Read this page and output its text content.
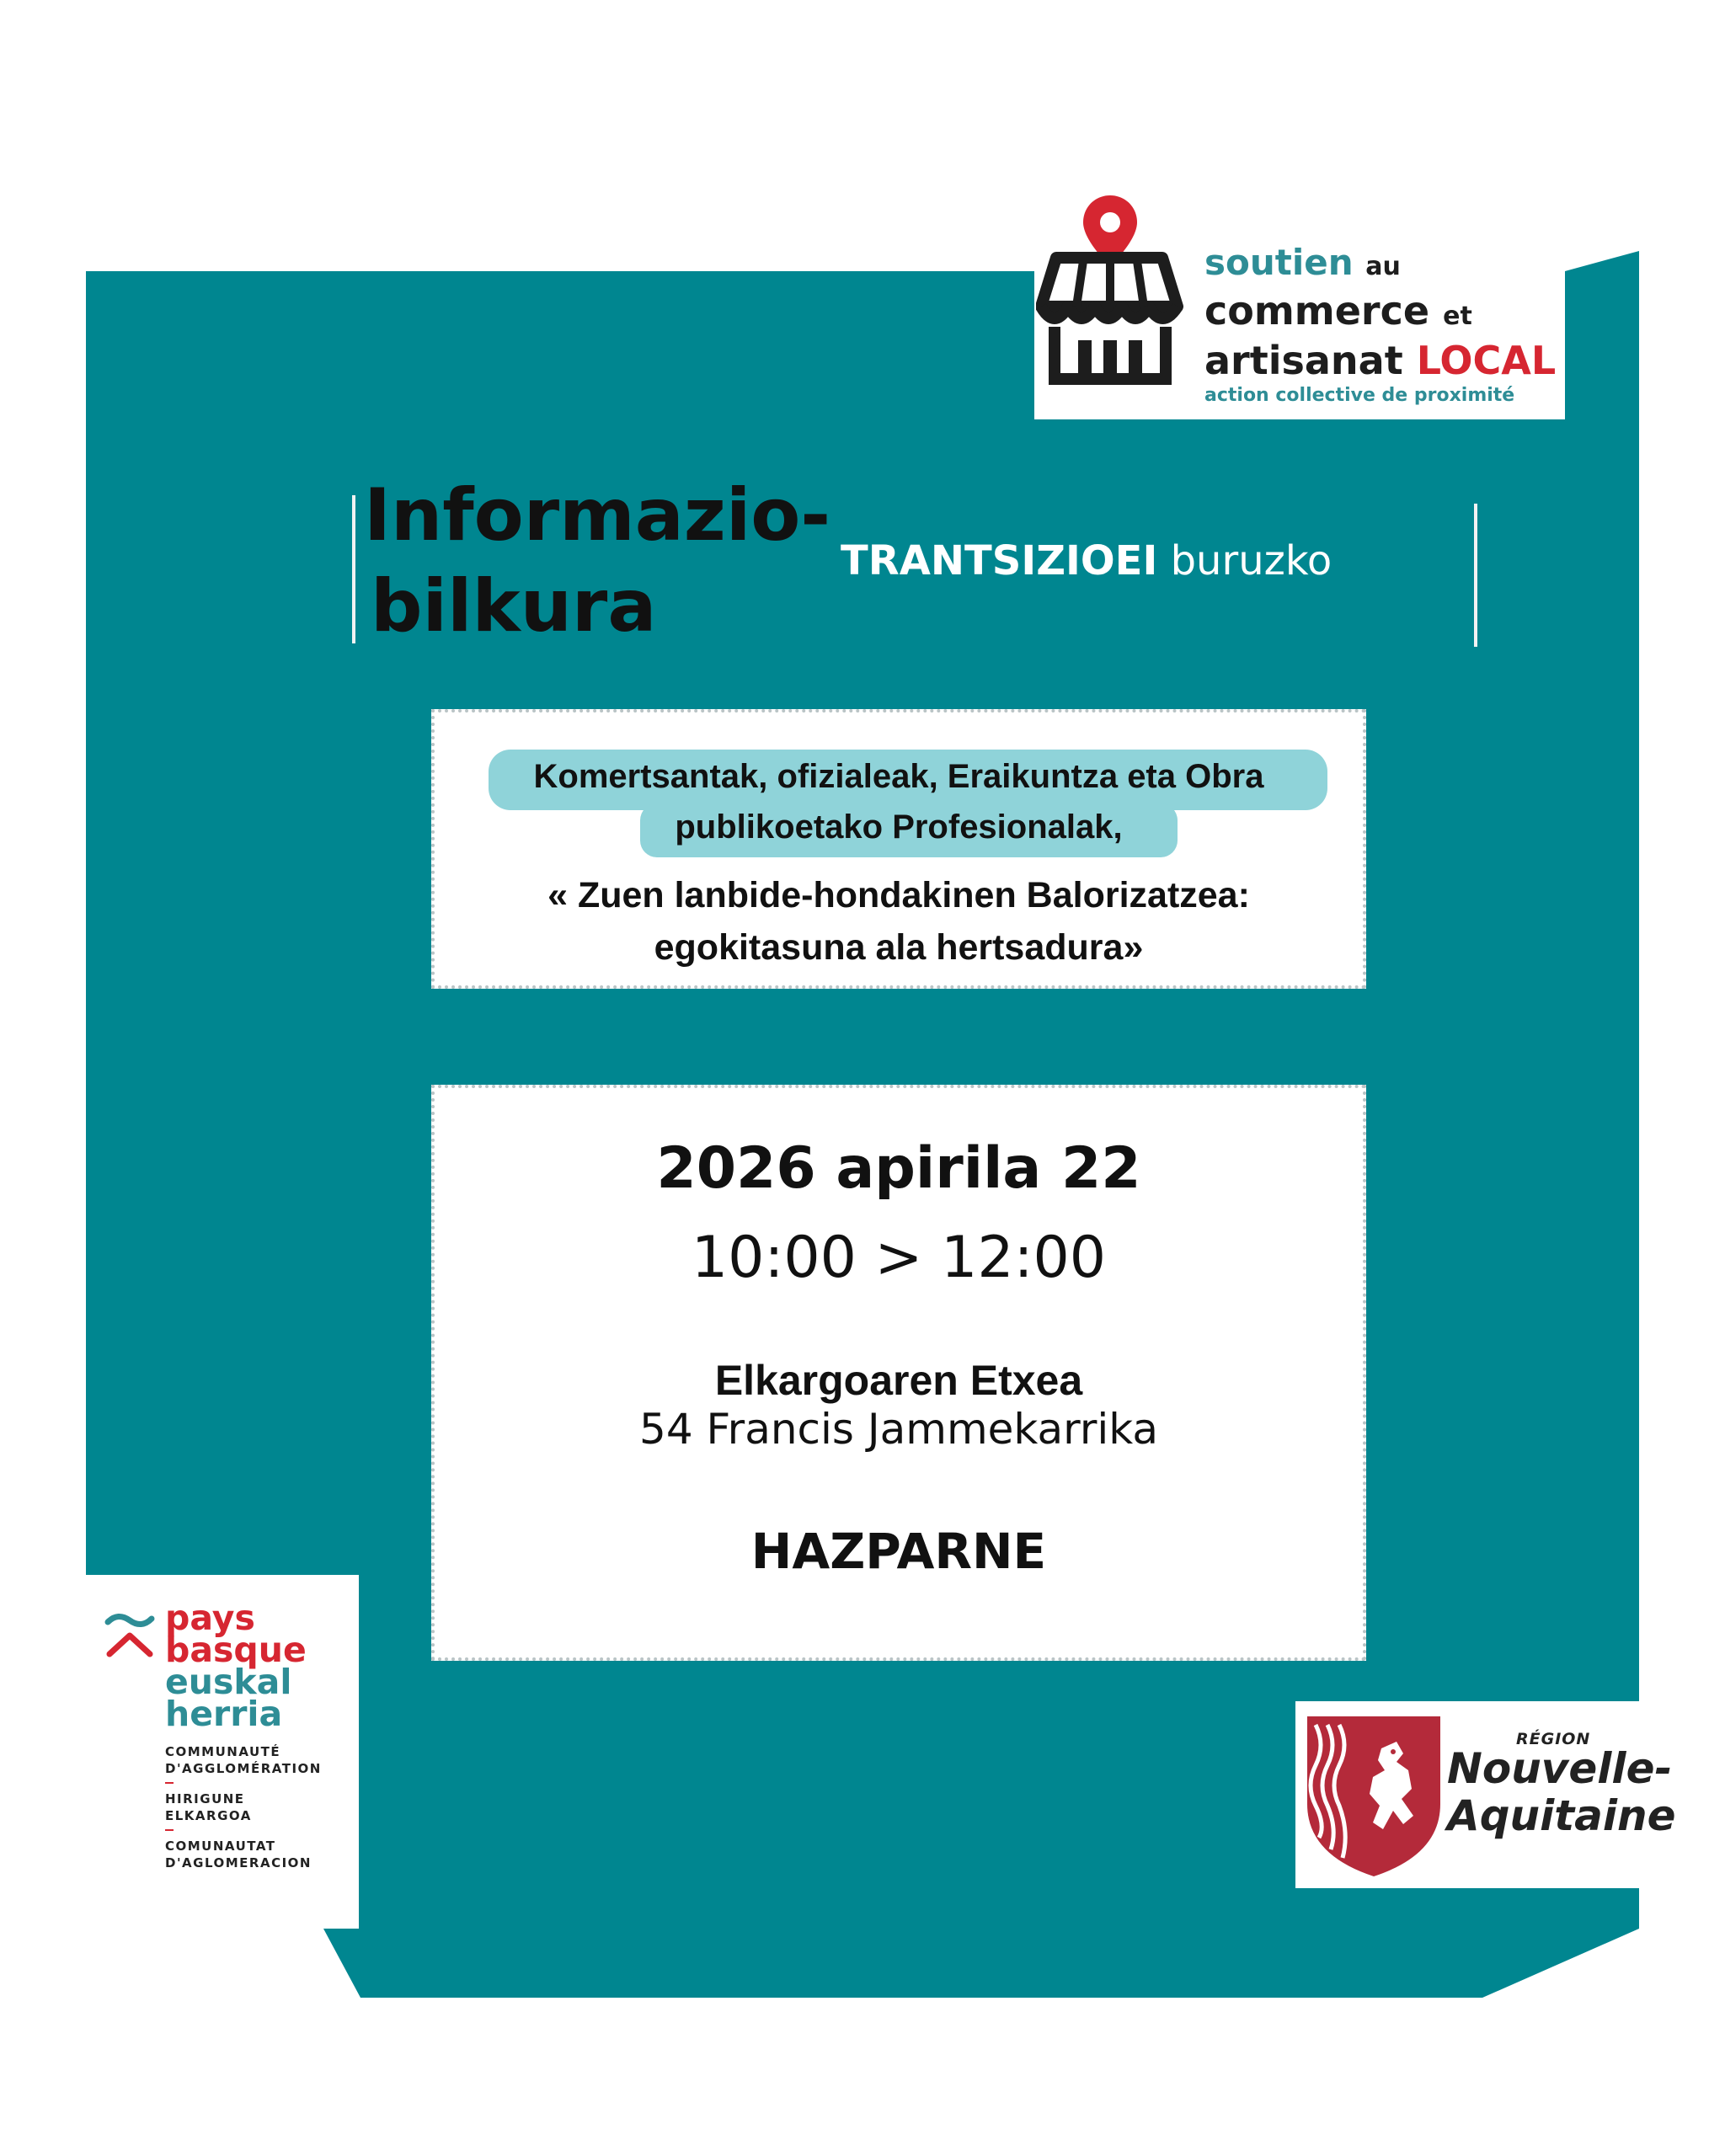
soutien au
commerce et
artisanat LOCAL
action collective de proximité
Informazio-
bilkura
TRANTSIZIOEI buruzko
Komertsantak, ofizialeak, Eraikuntza eta Obra
publikoetako Profesionalak,
« Zuen lanbide-hondakinen Balorizatzea:
egokitasuna ala hertsadura»
2026 apirila 22
10:00 > 12:00
Elkargoaren Etxea
54 Francis Jammekarrika
HAZPARNE
pays
basque
euskal
herria
COMMUNAUTÉ
D'AGGLOMÉRATION
HIRIGUNE
ELKARGOA
COMUNAUTAT
D'AGLOMERACION
RÉGION
Nouvelle-
Aquitaine
